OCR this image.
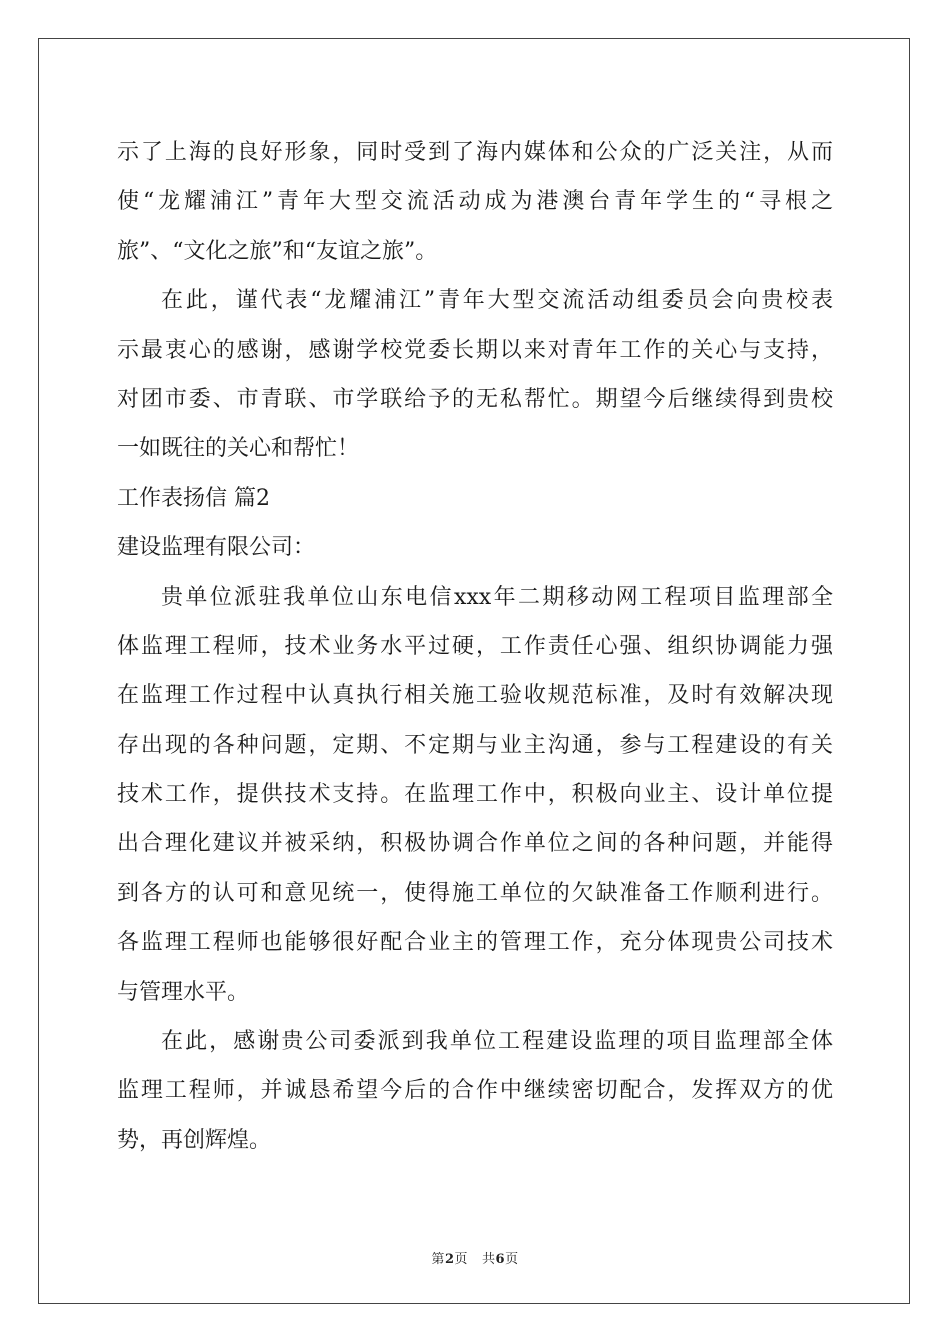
示了上海的良好形象，同时受到了海内媒体和公众的广泛关注，从而
使“龙耀浦江”青年大型交流活动成为港澳台青年学生的“寻根之
旅”、“文化之旅”和“友谊之旅”。
在此，谨代表“龙耀浦江”青年大型交流活动组委员会向贵校表
示最衷心的感谢，感谢学校党委长期以来对青年工作的关心与支持，
对团市委、市青联、市学联给予的无私帮忙。期望今后继续得到贵校
一如既往的关心和帮忙！
工作表扬信 篇2
建设监理有限公司：
贵单位派驻我单位山东电信xxx年二期移动网工程项目监理部全
体监理工程师，技术业务水平过硬，工作责任心强、组织协调能力强
在监理工作过程中认真执行相关施工验收规范标准，及时有效解决现
存出现的各种问题，定期、不定期与业主沟通，参与工程建设的有关
技术工作，提供技术支持。在监理工作中，积极向业主、设计单位提
出合理化建议并被采纳，积极协调合作单位之间的各种问题，并能得
到各方的认可和意见统一，使得施工单位的欠缺准备工作顺利进行。
各监理工程师也能够很好配合业主的管理工作，充分体现贵公司技术
与管理水平。
在此，感谢贵公司委派到我单位工程建设监理的项目监理部全体
监理工程师，并诚恳希望今后的合作中继续密切配合，发挥双方的优
势，再创辉煌。
第2页 共6页
